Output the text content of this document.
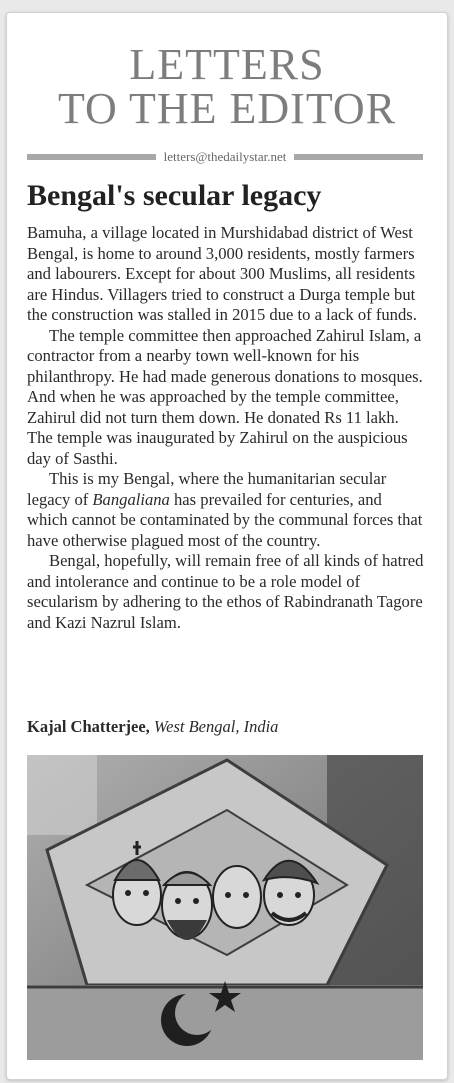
LETTERS
TO THE EDITOR
letters@thedailystar.net
Bengal's secular legacy

Bamuha, a village located in Murshidabad district of West Bengal, is home to around 3,000 residents, mostly farmers and labourers. Except for about 300 Muslims, all residents are Hindus. Villagers tried to construct a Durga temple but the construction was stalled in 2015 due to a lack of funds.

The temple committee then approached Zahirul Islam, a contractor from a nearby town well-known for his philanthropy. He had made generous donations to mosques. And when he was approached by the temple committee, Zahirul did not turn them down. He donated Rs 11 lakh. The temple was inaugurated by Zahirul on the auspicious day of Sasthi.

This is my Bengal, where the humanitarian secular legacy of Bangaliana has prevailed for centuries, and which cannot be contaminated by the communal forces that have otherwise plagued most of the country.

Bengal, hopefully, will remain free of all kinds of hatred and intolerance and continue to be a role model of secularism by adhering to the ethos of Rabindranath Tagore and Kazi Nazrul Islam.

Kajal Chatterjee, West Bengal, India
